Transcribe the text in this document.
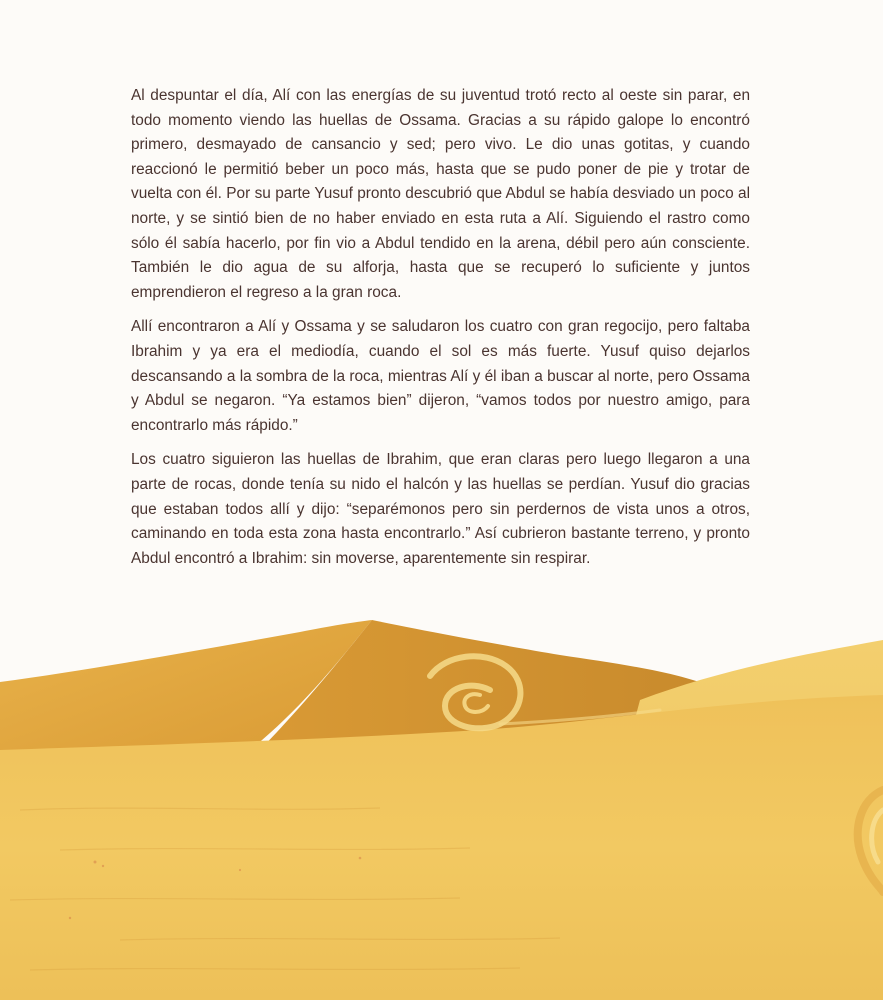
Al despuntar el día, Alí con las energías de su juventud trotó recto al oeste sin parar, en todo momento viendo las huellas de Ossama. Gracias a su rápido galope lo encontró primero, desmayado de cansancio y sed; pero vivo. Le dio unas gotitas, y cuando reaccionó le permitió beber un poco más, hasta que se pudo poner de pie y trotar de vuelta con él. Por su parte Yusuf pronto descubrió que Abdul se había desviado un poco al norte, y se sintió bien de no haber enviado en esta ruta a Alí. Siguiendo el rastro como sólo él sabía hacerlo, por fin vio a Abdul tendido en la arena, débil pero aún consciente. También le dio agua de su alforja, hasta que se recuperó lo suficiente y juntos emprendieron el regreso a la gran roca.

Allí encontraron a Alí y Ossama y se saludaron los cuatro con gran regocijo, pero faltaba Ibrahim y ya era el mediodía, cuando el sol es más fuerte. Yusuf quiso dejarlos descansando a la sombra de la roca, mientras Alí y él iban a buscar al norte, pero Ossama y Abdul se negaron. “Ya estamos bien” dijeron, “vamos todos por nuestro amigo, para encontrarlo más rápido.”

Los cuatro siguieron las huellas de Ibrahim, que eran claras pero luego llegaron a una parte de rocas, donde tenía su nido el halcón y las huellas se perdían. Yusuf dio gracias que estaban todos allí y dijo: “separémonos pero sin perdernos de vista unos a otros, caminando en toda esta zona hasta encontrarlo.” Así cubrieron bastante terreno, y pronto Abdul encontró a Ibrahim: sin moverse, aparentemente sin respirar.
